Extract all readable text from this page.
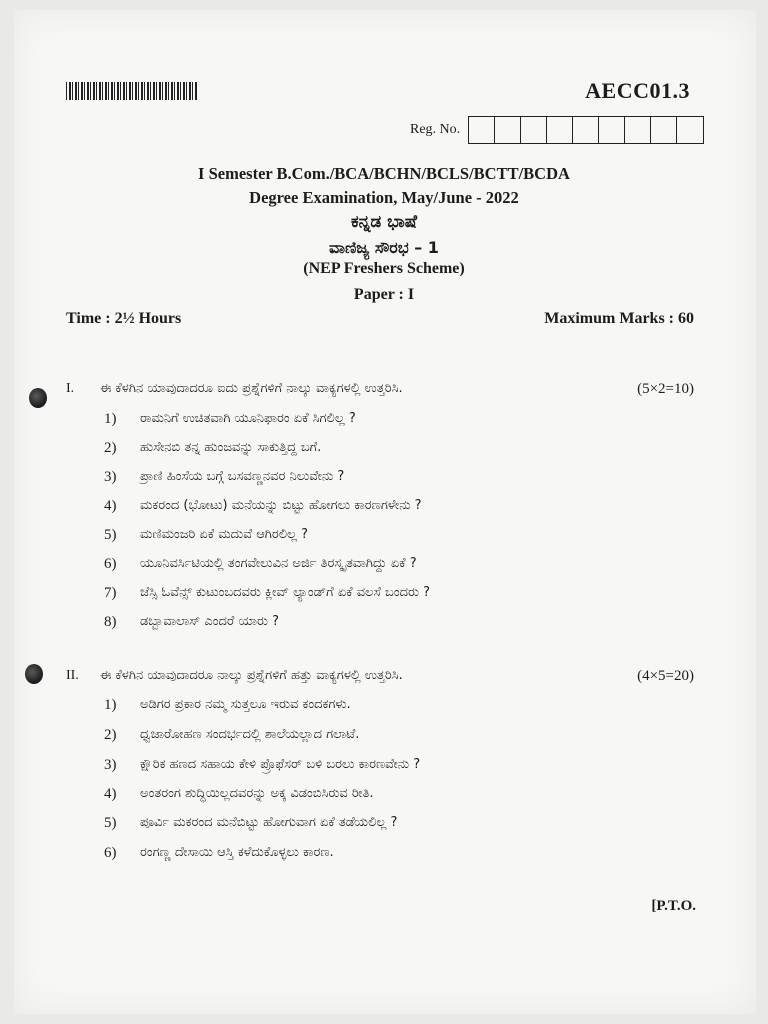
AECC01.3
Reg. No.
I Semester B.Com./BCA/BCHN/BCLS/BCTT/BCDA
Degree Examination, May/June - 2022
ಕನ್ನಡ ಭಾಷೆ
ವಾಣಿಜ್ಯ ಸೌರಭ – 1
(NEP Freshers Scheme)
Paper : I
Time : 2½ Hours	Maximum Marks : 60
I.	ಈ ಕೆಳಗಿನ ಯಾವುದಾದರೂ ಐದು ಪ್ರಶ್ನೆಗಳಿಗೆ ನಾಲ್ಕು ವಾಕ್ಯಗಳಲ್ಲಿ ಉತ್ತರಿಸಿ.	(5×2=10)
1)	ರಾಮನಿಗೆ ಉಚಿತವಾಗಿ ಯೂನಿಫಾರಂ ಏಕೆ ಸಿಗಲಿಲ್ಲ ?
2)	ಹುಸೇನಬಿ ತನ್ನ ಹುಂಜವನ್ನು ಸಾಕುತ್ತಿದ್ದ ಬಗೆ.
3)	ಪ್ರಾಣಿ ಹಿಂಸೆಯ ಬಗ್ಗೆ ಬಸವಣ್ಣನವರ ನಿಲುವೇನು ?
4)	ಮಕರಂದ (ಭೋಟು) ಮನೆಯನ್ನು ಬಿಟ್ಟು ಹೋಗಲು ಕಾರಣಗಳೇನು ?
5)	ಮಣಿಮಂಜರಿ ಏಕೆ ಮದುವೆ ಆಗಿರಲಿಲ್ಲ ?
6)	ಯೂನಿವರ್ಸಿಟಿಯಲ್ಲಿ ತಂಗವೇಲುವಿನ ಅರ್ಜಿ ತಿರಸ್ಕೃತವಾಗಿದ್ದು ಏಕೆ ?
7)	ಜೆಸ್ಸಿ ಓವೆನ್ಸ್ ಕುಟುಂಬದವರು ಕ್ಲೀವ್ ಲ್ಯಾಂಡ್‌ಗೆ ಏಕೆ ವಲಸೆ ಬಂದರು ?
8)	ಡಬ್ಬಾವಾಲಾಸ್ ಎಂದರೆ ಯಾರು ?
II.	ಈ ಕೆಳಗಿನ ಯಾವುದಾದರೂ ನಾಲ್ಕು ಪ್ರಶ್ನೆಗಳಿಗೆ ಹತ್ತು ವಾಕ್ಯಗಳಲ್ಲಿ ಉತ್ತರಿಸಿ.	(4×5=20)
1)	ಅಡಿಗರ ಪ್ರಕಾರ ನಮ್ಮ ಸುತ್ತಲೂ ಇರುವ ಕಂದಕಗಳು.
2)	ಧ್ವಜಾರೋಹಣ ಸಂದರ್ಭದಲ್ಲಿ ಶಾಲೆಯಲ್ಲಾದ ಗಲಾಟೆ.
3)	ಕ್ಷೌರಿಕ ಹಣದ ಸಹಾಯ ಕೇಳಿ ಪ್ರೊಫೆಸರ್ ಬಳಿ ಬರಲು ಕಾರಣವೇನು ?
4)	ಅಂತರಂಗ ಶುದ್ಧಿಯಿಲ್ಲದವರನ್ನು ಅಕ್ಕ ವಿಡಂಬಿಸಿರುವ ರೀತಿ.
5)	ಪೂರ್ವಿ ಮಕರಂದ ಮನೆಬಿಟ್ಟು ಹೋಗುವಾಗ ಏಕೆ ತಡೆಯಲಿಲ್ಲ ?
6)	ರಂಗಣ್ಣ ದೇಸಾಯಿ ಆಸ್ತಿ ಕಳೆದುಕೊಳ್ಳಲು ಕಾರಣ.
[P.T.O.
